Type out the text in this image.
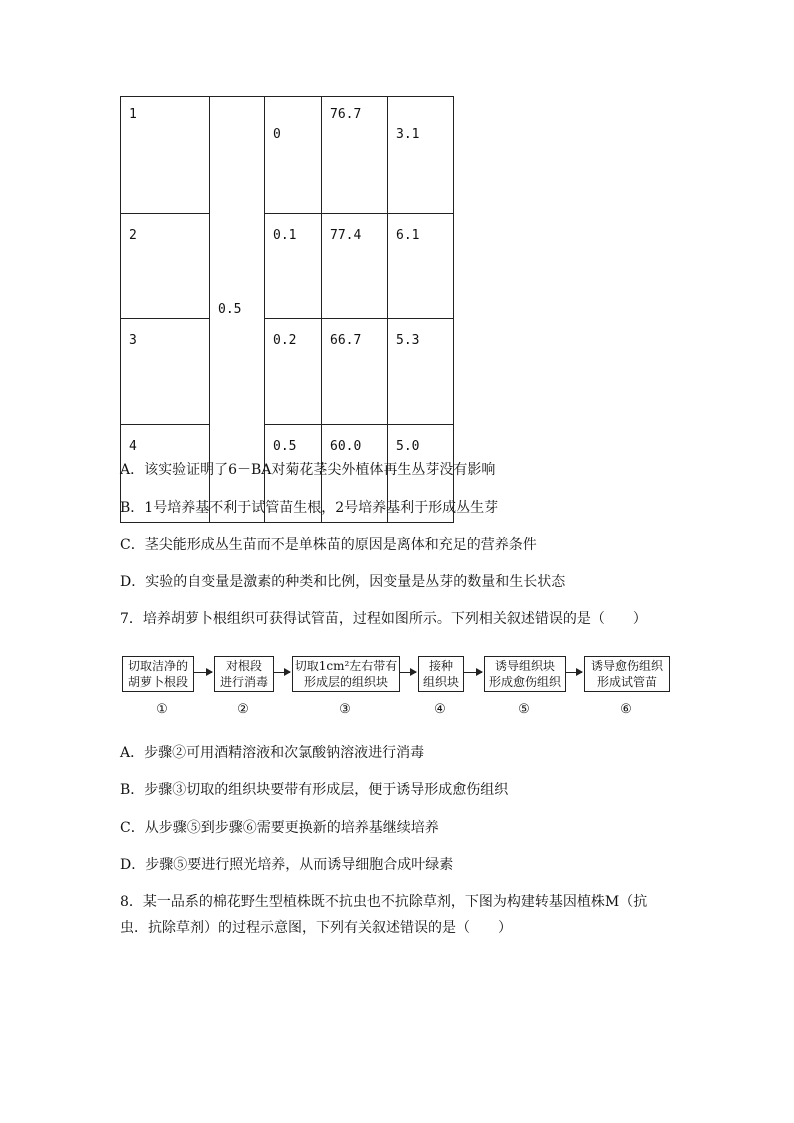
1	0.5	0	76.7	3.1
2		0.1	77.4	6.1
3		0.2	66.7	5.3
4		0.5	60.0	5.0
A．该实验证明了6－BA对菊花茎尖外植体再生丛芽没有影响
B．1号培养基不利于试管苗生根，2号培养基利于形成丛生芽
C．茎尖能形成丛生苗而不是单株苗的原因是离体和充足的营养条件
D．实验的自变量是激素的种类和比例，因变量是丛芽的数量和生长状态
7．培养胡萝卜根组织可获得试管苗，过程如图所示。下列相关叙述错误的是（　　）
切取洁净的
胡萝卜根段
对根段
进行消毒
切取1cm²左右带有
形成层的组织块
接种
组织块
诱导组织块
形成愈伤组织
诱导愈伤组织
形成试管苗
①	②	③	④	⑤	⑥
A．步骤②可用酒精溶液和次氯酸钠溶液进行消毒
B．步骤③切取的组织块要带有形成层，便于诱导形成愈伤组织
C．从步骤⑤到步骤⑥需要更换新的培养基继续培养
D．步骤⑤要进行照光培养，从而诱导细胞合成叶绿素
8．某一品系的棉花野生型植株既不抗虫也不抗除草剂，下图为构建转基因植株M（抗
虫．抗除草剂）的过程示意图，下列有关叙述错误的是（　　）
